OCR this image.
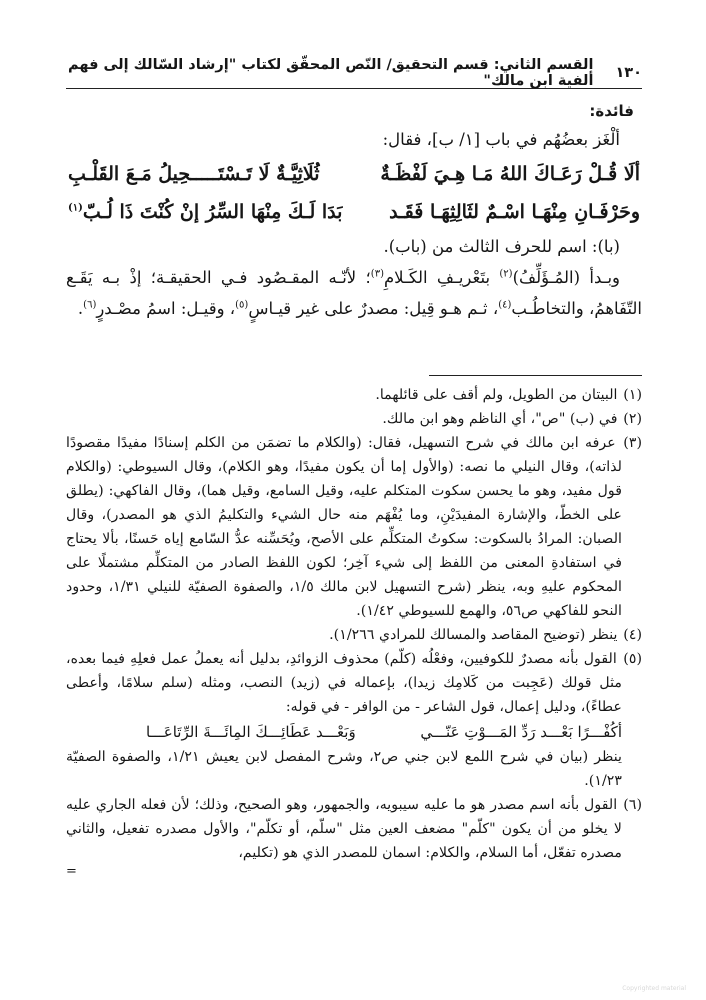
١٣٠
القسم الثاني: قسم التحقيق/ النّص المحقّق لكتاب "إرشاد السّالك إلى فهم ألفية ابن مالك"
فائدة:
ألْغَز بعضُهُم في باب [١/ ب]، فقال:
ألَا قُـلْ رَعَـاكَ اللهُ مَـا هِـيَ لَفْظَـةٌ
ثُلَاثِيَّـةٌ لَا تَـسْتَـــــحِيلُ مَـعَ القَلْـبِ
وحَرْفَـانِ مِنْهَـا اسْـمٌ لثَالِثِهَـا فَقَـد
بَدَا لَـكَ مِنْهَا السِّرُ إنْ كُنْتَ ذَا لُـبّ$^{(١)}$
(با): اسم للحرف الثالث من (باب).
وبـدأ (المُـؤَلِّفُ)$^{(٢)}$ بتَعْريـفِ الكَـلامِ$^{(٣)}$؛ لأنّـه المقـصُود فـي الحقيقـة؛ إذْ بـه يَقَـع التّفَاهمُ، والتخاطُـب$^{(٤)}$، ثـم هـو قِيل: مصدرٌ على غير قيـاسٍ$^{(٥)}$، وقيـل: اسمُ مصْـدرٍ$^{(٦)}$.
(١) البيتان من الطويل، ولم أقف على قائلهما.
(٢) في (ب) "ص"، أي الناظم وهو ابن مالك.
(٣) عرفه ابن مالك في شرح التسهيل، فقال: (والكلام ما تضمَن من الكلم إسنادًا مفيدًا مقصودًا لذاته)، وقال النيلي ما نصه: (والأول إما أن يكون مفيدًا، وهو الكلام)، وقال السيوطي: (والكلام قول مفيد، وهو ما يحسن سكوت المتكلم عليه، وقيل السامع، وقيل هما)، وقال الفاكهي: (يطلق على الخطّ، والإشارة المفيدَيْنِ، وما يُفْهَم منه حال الشيء والتكليمُ الذي هو المصدر)، وقال الصبان: المرادُ بالسكوت: سكوتُ المتكلِّم على الأصح، ويُحَسِّنه عدُّ السّامع إياه حَسنًا، بألا يحتاج في استفادةِ المعنى من اللفظ إلى شيء آخِر؛ لكون اللفظ الصادر من المتكلِّم مشتملًا على المحكوم عليهِ وبه، ينظر (شرح التسهيل لابن مالك ١/٥، والصفوة الصفيّة للنيلي ١/٣١، وحدود النحو للفاكهي ص٥٦، والهمع للسيوطي ١/٤٢).
(٤) ينظر (توضيح المقاصد والمسالك للمرادي ١/٢٦٦).
(٥) القول بأنه مصدرٌ للكوفيين، وفعْلُه (كلّم) محذوف الزوائدِ، بدليل أنه يعملُ عمل فعلِهِ فيما بعده، مثل قولك (عَجِبت من كَلامِك زيدا)، بإعماله في (زيد) النصب، ومثله (سلم سلامًا، وأعطى عطاءً)، ودليل إعمال، قول الشاعر - من الوافر - في قوله:
أكُفْـــرًا بَعْـــد رَدِّ المَـــوْتِ عَنّـــي
وَبَعْـــد عَطَائِـــكَ المِائَـــةَ الرِّتَاعَـــا
ينظر (بيان في شرح اللمع لابن جني ص٢، وشرح المفصل لابن يعيش ١/٢١، والصفوة الصفيّة ١/٢٣).
(٦) القول بأنه اسم مصدر هو ما عليه سيبويه، والجمهور، وهو الصحيح، وذلك؛ لأن فعله الجاري عليه لا يخلو من أن يكون "كلّم" مضعف العين مثل "سلّم، أو تكلّم"، والأول مصدره تفعيل، والثاني مصدره تفعّل، أما السلام، والكلام: اسمان للمصدر الذي هو (تكليم،
=
Copyrighted material
